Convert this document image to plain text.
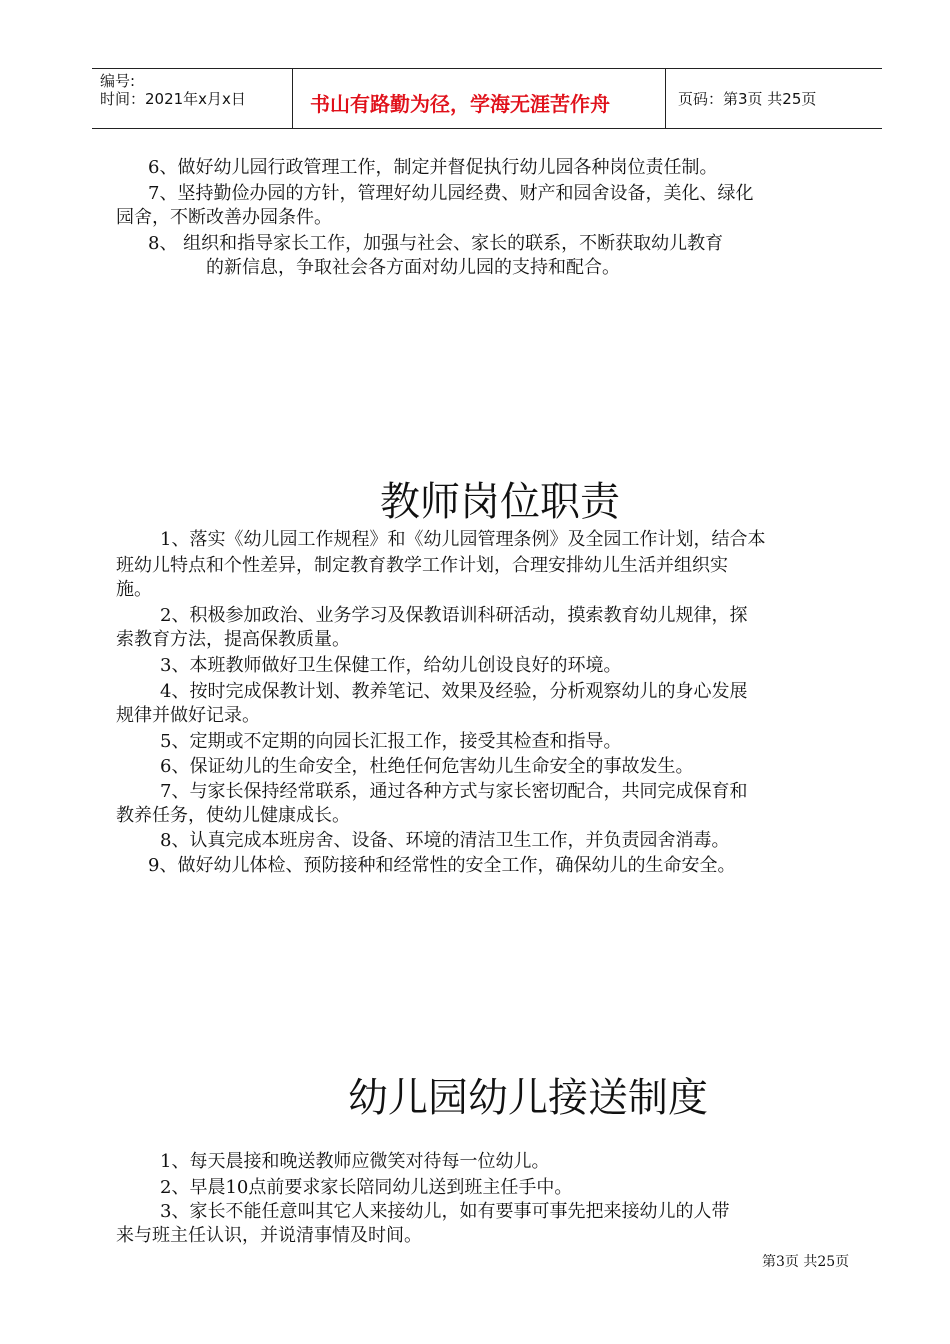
编号:
时间：2021年x月x日	书山有路勤为径，学海无涯苦作舟	页码：第3页 共25页
6、做好幼儿园行政管理工作，制定并督促执行幼儿园各种岗位责任制。
7、坚持勤俭办园的方针，管理好幼儿园经费、财产和园舍设备，美化、绿化
园舍，不断改善办园条件。
8、 组织和指导家长工作，加强与社会、家长的联系，不断获取幼儿教育
的新信息，争取社会各方面对幼儿园的支持和配合。
教师岗位职责
1、落实《幼儿园工作规程》和《幼儿园管理条例》及全园工作计划，结合本
班幼儿特点和个性差异，制定教育教学工作计划，合理安排幼儿生活并组织实
施。
2、积极参加政治、业务学习及保教语训科研活动，摸索教育幼儿规律，探
索教育方法，提高保教质量。
3、本班教师做好卫生保健工作，给幼儿创设良好的环境。
4、按时完成保教计划、教养笔记、效果及经验，分析观察幼儿的身心发展
规律并做好记录。
5、定期或不定期的向园长汇报工作，接受其检查和指导。
6、保证幼儿的生命安全，杜绝任何危害幼儿生命安全的事故发生。
7、与家长保持经常联系，通过各种方式与家长密切配合，共同完成保育和
教养任务，使幼儿健康成长。
8、认真完成本班房舍、设备、环境的清洁卫生工作，并负责园舍消毒。
9、做好幼儿体检、预防接种和经常性的安全工作，确保幼儿的生命安全。
幼儿园幼儿接送制度
1、每天晨接和晚送教师应微笑对待每一位幼儿。
2、早晨10点前要求家长陪同幼儿送到班主任手中。
3、家长不能任意叫其它人来接幼儿，如有要事可事先把来接幼儿的人带
来与班主任认识，并说清事情及时间。
第3页 共25页
